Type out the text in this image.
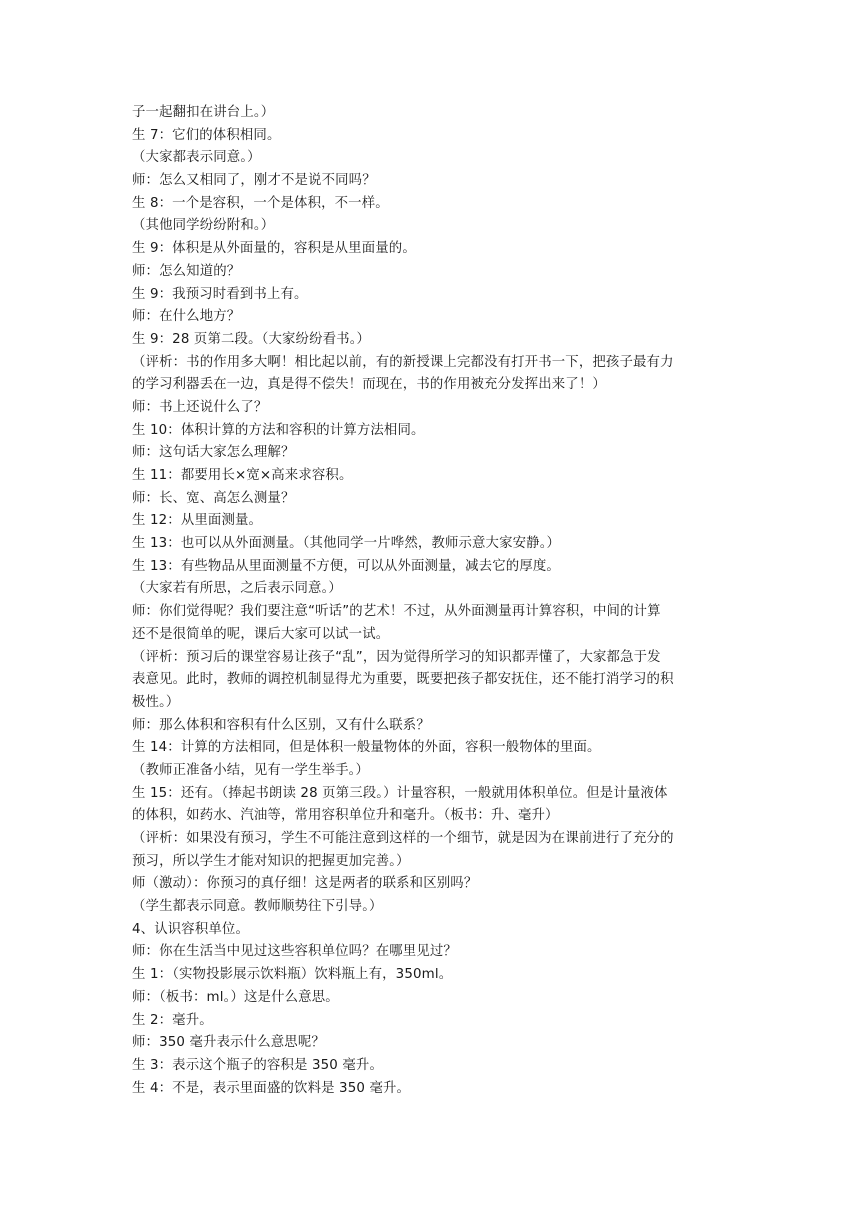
子一起翻扣在讲台上。）
生 7：它们的体积相同。
（大家都表示同意。）
师：怎么又相同了，刚才不是说不同吗？
生 8：一个是容积，一个是体积，不一样。
（其他同学纷纷附和。）
生 9：体积是从外面量的，容积是从里面量的。
师：怎么知道的？
生 9：我预习时看到书上有。
师：在什么地方？
生 9：28 页第二段。（大家纷纷看书。）
（评析：书的作用多大啊！相比起以前，有的新授课上完都没有打开书一下，把孩子最有力
的学习利器丢在一边，真是得不偿失！而现在，书的作用被充分发挥出来了！）
师：书上还说什么了？
生 10：体积计算的方法和容积的计算方法相同。
师：这句话大家怎么理解？
生 11：都要用长×宽×高来求容积。
师：长、宽、高怎么测量？
生 12：从里面测量。
生 13：也可以从外面测量。（其他同学一片哗然，教师示意大家安静。）
生 13：有些物品从里面测量不方便，可以从外面测量，减去它的厚度。
（大家若有所思，之后表示同意。）
师：你们觉得呢？我们要注意“听话”的艺术！不过，从外面测量再计算容积，中间的计算
还不是很简单的呢，课后大家可以试一试。
（评析：预习后的课堂容易让孩子“乱”，因为觉得所学习的知识都弄懂了，大家都急于发
表意见。此时，教师的调控机制显得尤为重要，既要把孩子都安抚住，还不能打消学习的积
极性。）
师：那么体积和容积有什么区别，又有什么联系？
生 14：计算的方法相同，但是体积一般量物体的外面，容积一般物体的里面。
（教师正准备小结，见有一学生举手。）
生 15：还有。（捧起书朗读 28 页第三段。）计量容积，一般就用体积单位。但是计量液体
的体积，如药水、汽油等，常用容积单位升和毫升。（板书：升、毫升）
（评析：如果没有预习，学生不可能注意到这样的一个细节，就是因为在课前进行了充分的
预习，所以学生才能对知识的把握更加完善。）
师（激动）：你预习的真仔细！这是两者的联系和区别吗？
（学生都表示同意。教师顺势往下引导。）
4、认识容积单位。
师：你在生活当中见过这些容积单位吗？在哪里见过？
生 1：（实物投影展示饮料瓶）饮料瓶上有，350ml。
师：（板书：ml。）这是什么意思。
生 2：毫升。
师：350 毫升表示什么意思呢？
生 3：表示这个瓶子的容积是 350 毫升。
生 4：不是，表示里面盛的饮料是 350 毫升。
